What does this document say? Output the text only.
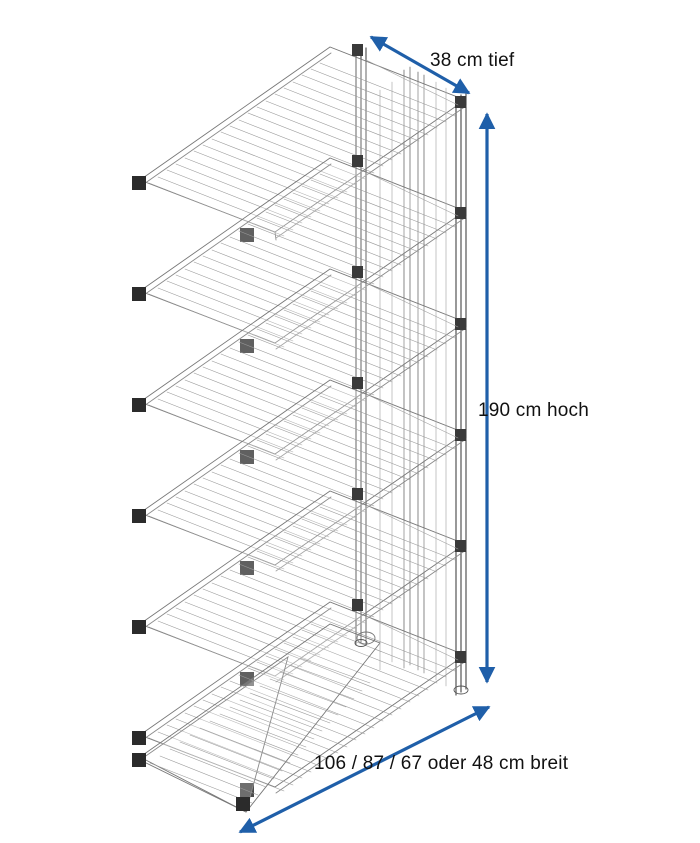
38 cm tief
190 cm hoch
106 / 87 / 67 oder 48 cm breit
